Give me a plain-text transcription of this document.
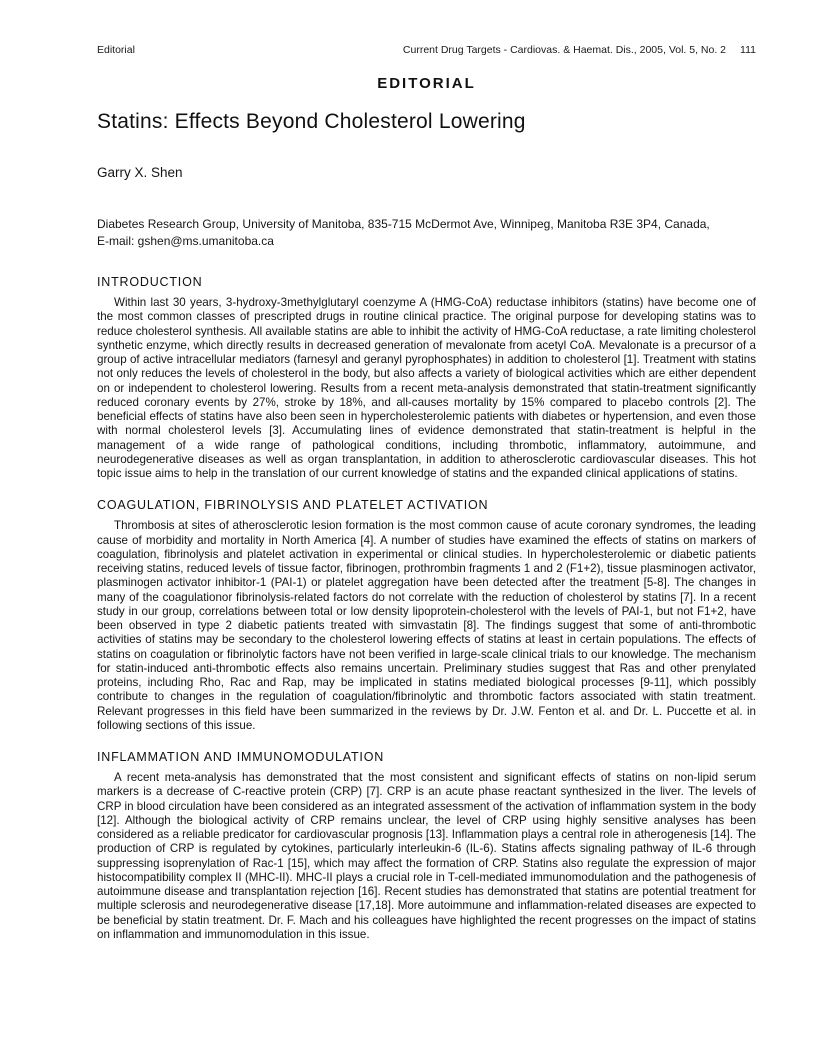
Editorial	Current Drug Targets - Cardiovas. & Haemat. Dis., 2005, Vol. 5, No. 2 111
EDITORIAL
Statins: Effects Beyond Cholesterol Lowering
Garry X. Shen
Diabetes Research Group, University of Manitoba, 835-715 McDermot Ave, Winnipeg, Manitoba R3E 3P4, Canada,
E-mail: gshen@ms.umanitoba.ca
INTRODUCTION

Within last 30 years, 3-hydroxy-3methylglutaryl coenzyme A (HMG-CoA) reductase inhibitors (statins) have become one of the most common classes of prescripted drugs in routine clinical practice. The original purpose for developing statins was to reduce cholesterol synthesis. All available statins are able to inhibit the activity of HMG-CoA reductase, a rate limiting cholesterol synthetic enzyme, which directly results in decreased generation of mevalonate from acetyl CoA. Mevalonate is a precursor of a group of active intracellular mediators (farnesyl and geranyl pyrophosphates) in addition to cholesterol [1]. Treatment with statins not only reduces the levels of cholesterol in the body, but also affects a variety of biological activities which are either dependent on or independent to cholesterol lowering. Results from a recent meta-analysis demonstrated that statin-treatment significantly reduced coronary events by 27%, stroke by 18%, and all-causes mortality by 15% compared to placebo controls [2]. The beneficial effects of statins have also been seen in hypercholesterolemic patients with diabetes or hypertension, and even those with normal cholesterol levels [3]. Accumulating lines of evidence demonstrated that statin-treatment is helpful in the management of a wide range of pathological conditions, including thrombotic, inflammatory, autoimmune, and neurodegenerative diseases as well as organ transplantation, in addition to atherosclerotic cardiovascular diseases. This hot topic issue aims to help in the translation of our current knowledge of statins and the expanded clinical applications of statins.

COAGULATION, FIBRINOLYSIS AND PLATELET ACTIVATION

Thrombosis at sites of atherosclerotic lesion formation is the most common cause of acute coronary syndromes, the leading cause of morbidity and mortality in North America [4]. A number of studies have examined the effects of statins on markers of coagulation, fibrinolysis and platelet activation in experimental or clinical studies. In hypercholesterolemic or diabetic patients receiving statins, reduced levels of tissue factor, fibrinogen, prothrombin fragments 1 and 2 (F1+2), tissue plasminogen activator, plasminogen activator inhibitor-1 (PAI-1) or platelet aggregation have been detected after the treatment [5-8]. The changes in many of the coagulationor fibrinolysis-related factors do not correlate with the reduction of cholesterol by statins [7]. In a recent study in our group, correlations between total or low density lipoprotein-cholesterol with the levels of PAI-1, but not F1+2, have been observed in type 2 diabetic patients treated with simvastatin [8]. The findings suggest that some of anti-thrombotic activities of statins may be secondary to the cholesterol lowering effects of statins at least in certain populations. The effects of statins on coagulation or fibrinolytic factors have not been verified in large-scale clinical trials to our knowledge. The mechanism for statin-induced anti-thrombotic effects also remains uncertain. Preliminary studies suggest that Ras and other prenylated proteins, including Rho, Rac and Rap, may be implicated in statins mediated biological processes [9-11], which possibly contribute to changes in the regulation of coagulation/fibrinolytic and thrombotic factors associated with statin treatment. Relevant progresses in this field have been summarized in the reviews by Dr. J.W. Fenton et al. and Dr. L. Puccette et al. in following sections of this issue.

INFLAMMATION AND IMMUNOMODULATION

A recent meta-analysis has demonstrated that the most consistent and significant effects of statins on non-lipid serum markers is a decrease of C-reactive protein (CRP) [7]. CRP is an acute phase reactant synthesized in the liver. The levels of CRP in blood circulation have been considered as an integrated assessment of the activation of inflammation system in the body [12]. Although the biological activity of CRP remains unclear, the level of CRP using highly sensitive analyses has been considered as a reliable predicator for cardiovascular prognosis [13]. Inflammation plays a central role in atherogenesis [14]. The production of CRP is regulated by cytokines, particularly interleukin-6 (IL-6). Statins affects signaling pathway of IL-6 through suppressing isoprenylation of Rac-1 [15], which may affect the formation of CRP. Statins also regulate the expression of major histocompatibility complex II (MHC-II). MHC-II plays a crucial role in T-cell-mediated immunomodulation and the pathogenesis of autoimmune disease and transplantation rejection [16]. Recent studies has demonstrated that statins are potential treatment for multiple sclerosis and neurodegenerative disease [17,18]. More autoimmune and inflammation-related diseases are expected to be beneficial by statin treatment. Dr. F. Mach and his colleagues have highlighted the recent progresses on the impact of statins on inflammation and immunomodulation in this issue.
